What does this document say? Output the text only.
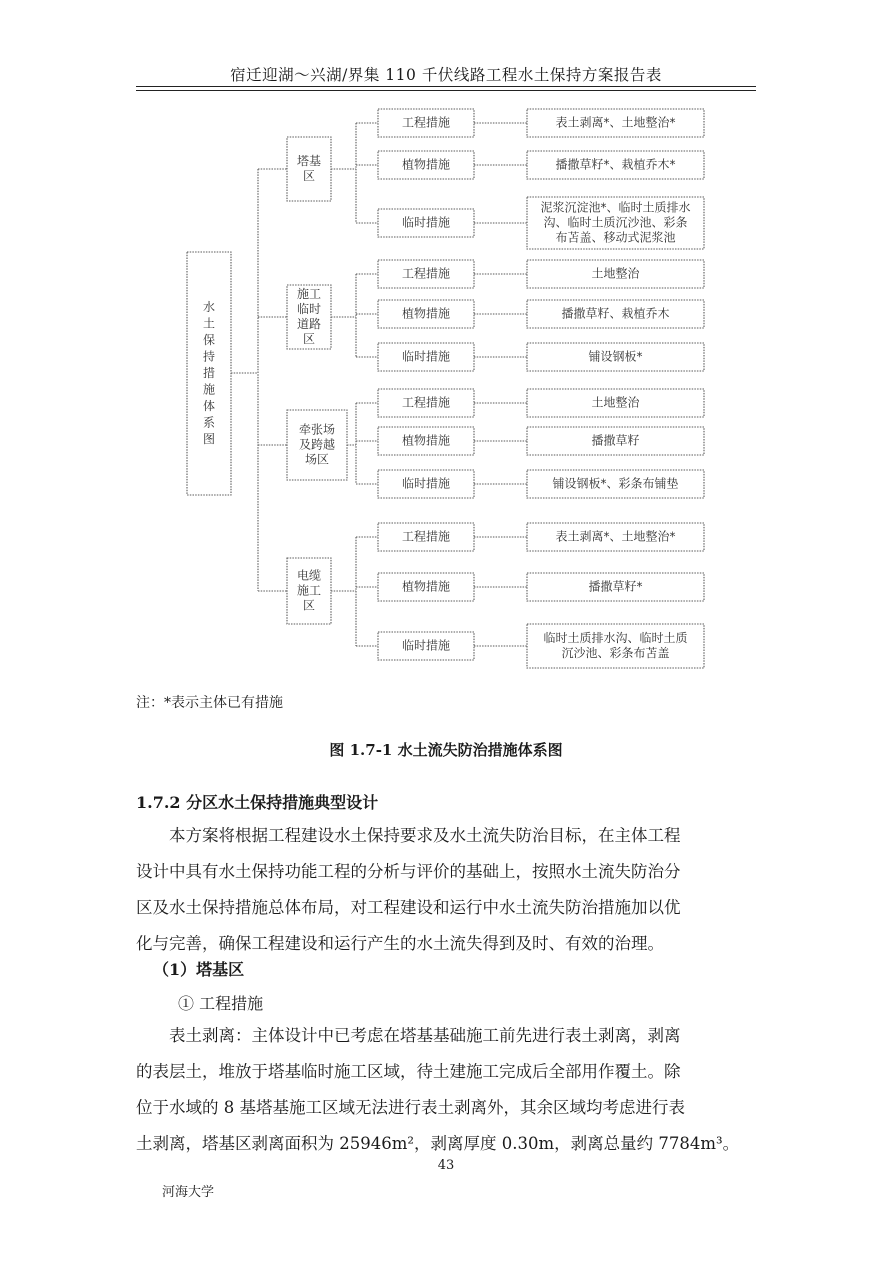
宿迁迎湖～兴湖/界集 110 千伏线路工程水土保持方案报告表
水
土
保
持
措
施
体
系
图
塔基
区
工程措施	表土剥离*、土地整治*
植物措施	播撒草籽*、栽植乔木*
临时措施
泥浆沉淀池*、临时土质排水
沟、临时土质沉沙池、彩条
布苫盖、移动式泥浆池
施工
临时
道路
区
工程措施	土地整治
植物措施	播撒草籽、栽植乔木
临时措施	铺设钢板*
牵张场
及跨越
场区
工程措施	土地整治
植物措施	播撒草籽
临时措施	铺设钢板*、彩条布铺垫
电缆
施工
区
工程措施	表土剥离*、土地整治*
植物措施	播撒草籽*
临时措施
临时土质排水沟、临时土质
沉沙池、彩条布苫盖
注：*表示主体已有措施
图 1.7-1 水土流失防治措施体系图
1.7.2 分区水土保持措施典型设计
本方案将根据工程建设水土保持要求及水土流失防治目标，在主体工程
设计中具有水土保持功能工程的分析与评价的基础上，按照水土流失防治分
区及水土保持措施总体布局，对工程建设和运行中水土流失防治措施加以优
化与完善，确保工程建设和运行产生的水土流失得到及时、有效的治理。
（1）塔基区
① 工程措施
表土剥离：主体设计中已考虑在塔基基础施工前先进行表土剥离，剥离
的表层土，堆放于塔基临时施工区域，待土建施工完成后全部用作覆土。除
位于水域的 8 基塔基施工区域无法进行表土剥离外，其余区域均考虑进行表
土剥离，塔基区剥离面积为 25946m²，剥离厚度 0.30m，剥离总量约 7784m³。
43
河海大学
